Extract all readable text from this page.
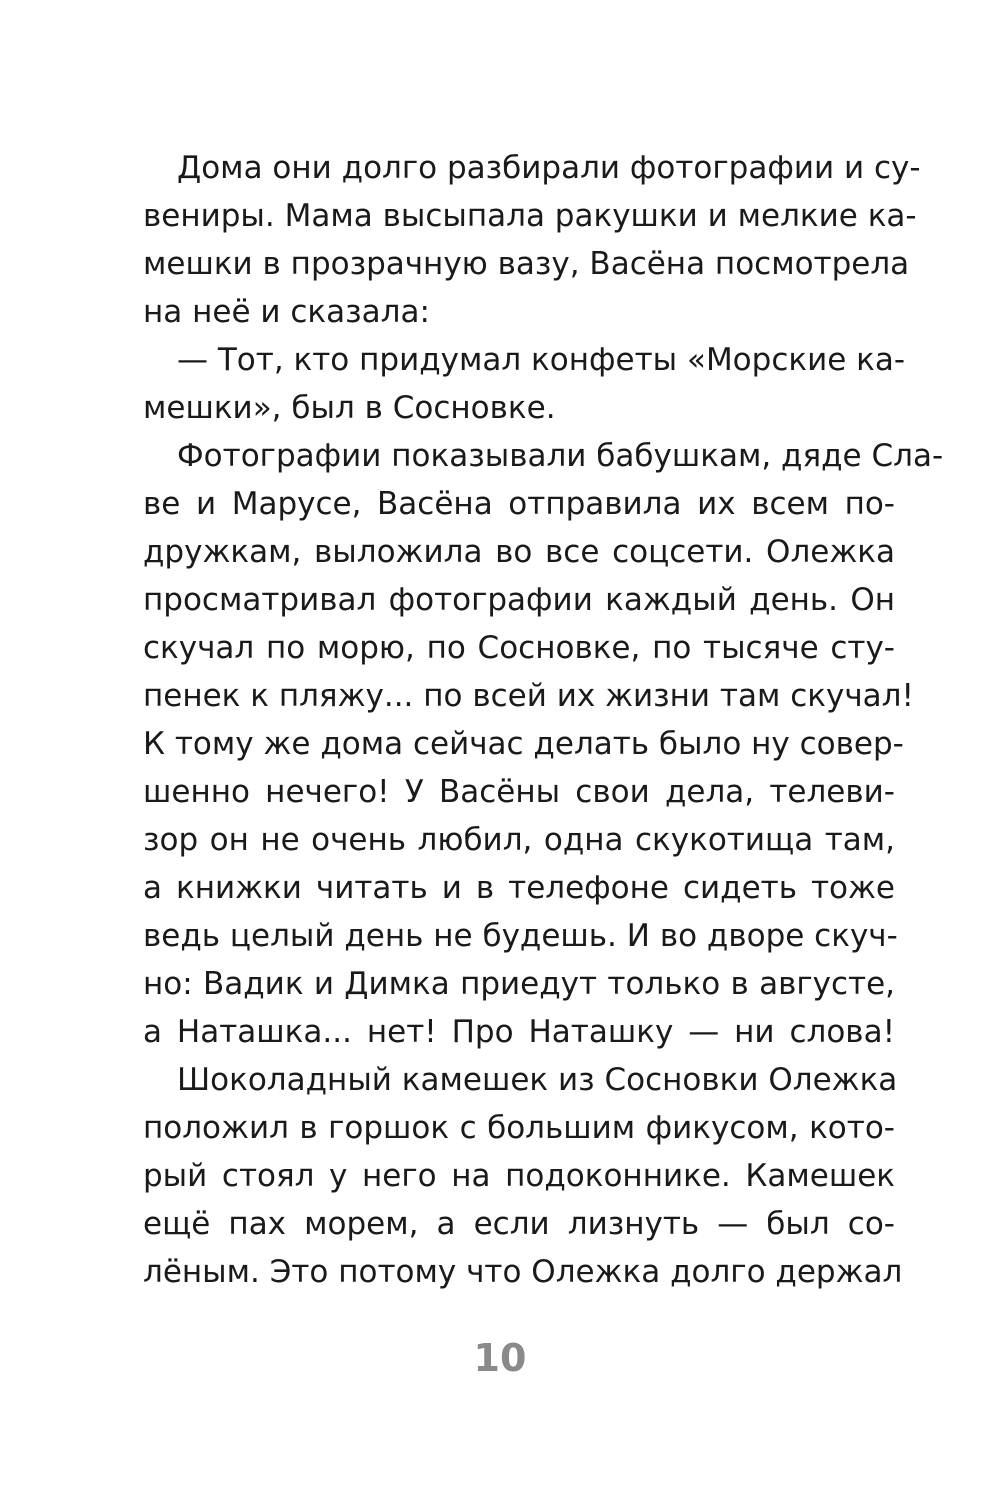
Дома они долго разбирали фотографии и су-
вениры. Мама высыпала ракушки и мелкие ка-
мешки в прозрачную вазу, Васёна посмотрела
на неё и сказала:
— Тот, кто придумал конфеты «Морские ка-
мешки», был в Сосновке.
Фотографии показывали бабушкам, дяде Сла-
ве и Марусе, Васёна отправила их всем по-
дружкам, выложила во все соцсети. Олежка
просматривал фотографии каждый день. Он
скучал по морю, по Сосновке, по тысяче сту-
пенек к пляжу... по всей их жизни там скучал!
К тому же дома сейчас делать было ну совер-
шенно нечего! У Васёны свои дела, телеви-
зор он не очень любил, одна скукотища там,
а книжки читать и в телефоне сидеть тоже
ведь целый день не будешь. И во дворе скуч-
но: Вадик и Димка приедут только в августе,
а Наташка... нет! Про Наташку — ни слова!
Шоколадный камешек из Сосновки Олежка
положил в горшок с большим фикусом, кото-
рый стоял у него на подоконнике. Камешек
ещё пах морем, а если лизнуть — был со-
лёным. Это потому что Олежка долго держал
10
